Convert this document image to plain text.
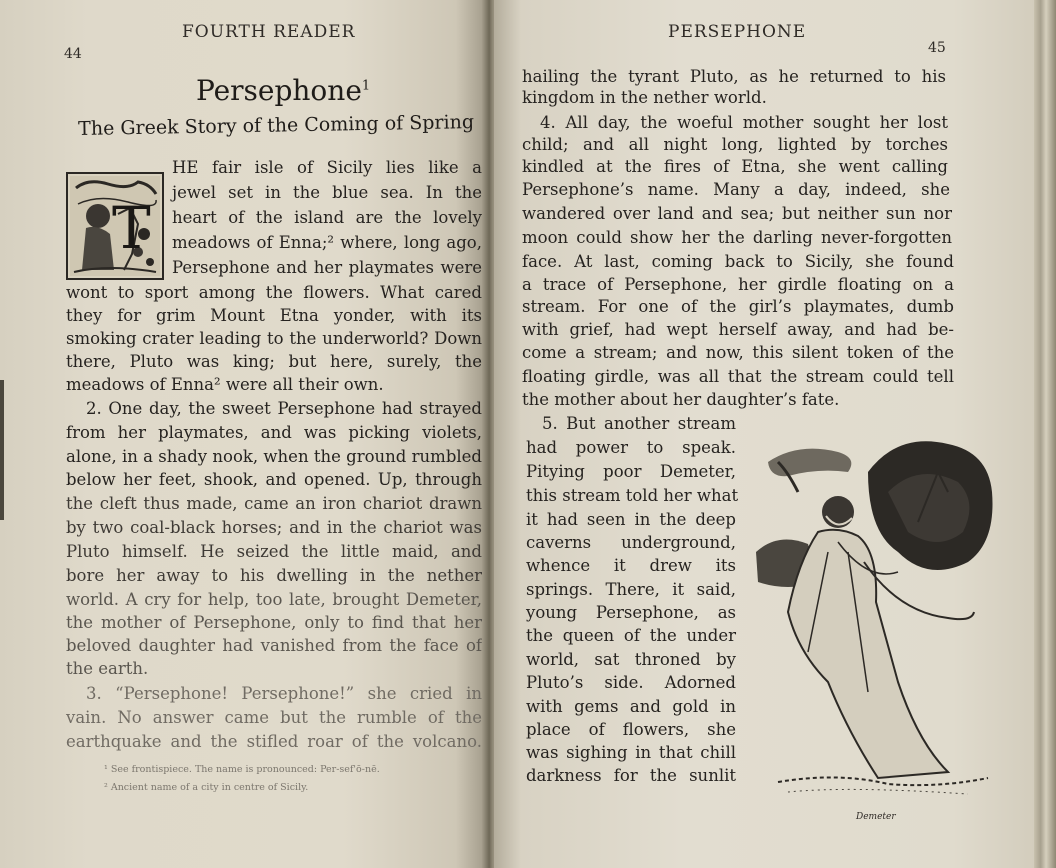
44
FOURTH READER
Persephone$^1$
The Greek Story of the Coming of Spring
T
HE fair isle of Sicily lies like a
jewel set in the blue sea. In the
heart of the island are the lovely
meadows of Enna;² where, long ago,
Persephone and her playmates were
wont to sport among the flowers. What cared
they for grim Mount Etna yonder, with its
smoking crater leading to the underworld? Down
there, Pluto was king; but here, surely, the
meadows of Enna² were all their own.
2. One day, the sweet Persephone had strayed
from her playmates, and was picking violets,
alone, in a shady nook, when the ground rumbled
below her feet, shook, and opened. Up, through
the cleft thus made, came an iron chariot drawn
by two coal-black horses; and in the chariot was
Pluto himself. He seized the little maid, and
bore her away to his dwelling in the nether
world. A cry for help, too late, brought Demeter,
the mother of Persephone, only to find that her
beloved daughter had vanished from the face of
the earth.
3. “Persephone! Persephone!” she cried in
vain. No answer came but the rumble of the
earthquake and the stifled roar of the volcano.
¹ See frontispiece. The name is pronounced: Per-sef'ō-nē.
² Ancient name of a city in centre of Sicily.
PERSEPHONE
45
hailing the tyrant Pluto, as he returned to his
kingdom in the nether world.
4. All day, the woeful mother sought her lost
child; and all night long, lighted by torches
kindled at the fires of Etna, she went calling
Persephone’s name. Many a day, indeed, she
wandered over land and sea; but neither sun nor
moon could show her the darling never-forgotten
face. At last, coming back to Sicily, she found
a trace of Persephone, her girdle floating on a
stream. For one of the girl’s playmates, dumb
with grief, had wept herself away, and had be-
come a stream; and now, this silent token of the
floating girdle, was all that the stream could tell
the mother about her daughter’s fate.
5. But another stream
had power to speak.
Pitying poor Demeter,
this stream told her what
it had seen in the deep
caverns underground,
whence it drew its
springs. There, it said,
young Persephone, as
the queen of the under
world, sat throned by
Pluto’s side. Adorned
with gems and gold in
place of flowers, she
was sighing in that chill
darkness for the sunlit
Demeter
